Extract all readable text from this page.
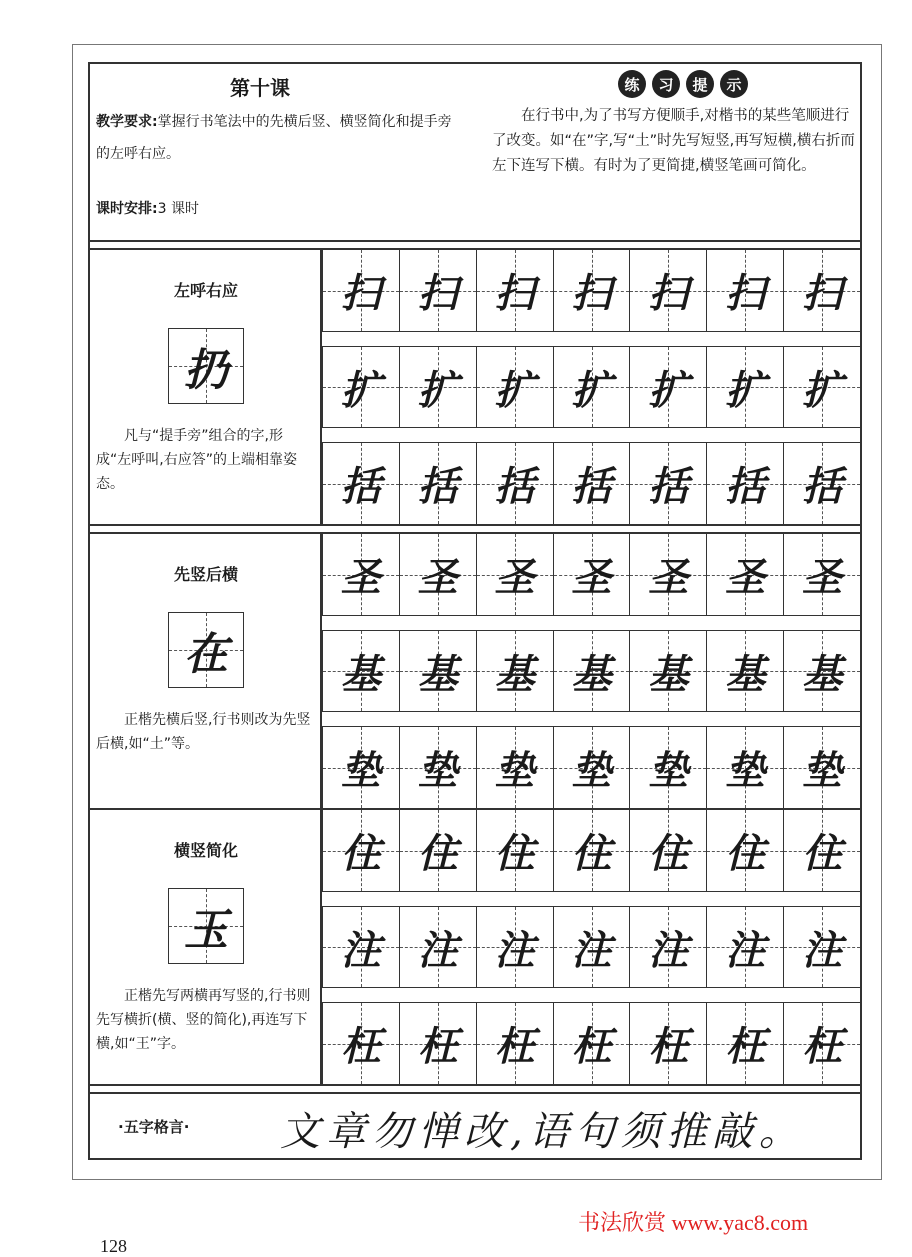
第十课
教学要求:掌握行书笔法中的先横后竖、横竖简化和提手旁的左呼右应。
课时安排:3 课时
练	习	提	示
在行书中,为了书写方便顺手,对楷书的某些笔顺进行了改变。如“在”字,写“土”时先写短竖,再写短横,横右折而左下连写下横。有时为了更简捷,横竖笔画可简化。
左呼右应
扔
凡与“提手旁”组合的字,形成“左呼叫,右应答”的上端相靠姿态。
扫 扫 扫 扫 扫 扫 扫
扩 扩 扩 扩 扩 扩 扩
括 括 括 括 括 括 括
先竖后横
在
正楷先横后竖,行书则改为先竖后横,如“土”等。
圣 圣 圣 圣 圣 圣 圣
基 基 基 基 基 基 基
垫 垫 垫 垫 垫 垫 垫
横竖简化
玉
正楷先写两横再写竖的,行书则先写横折(横、竖的简化),再连写下横,如“王”字。
住 住 住 住 住 住 住
注 注 注 注 注 注 注
枉 枉 枉 枉 枉 枉 枉
·五字格言· 文章勿惮改,语句须推敲。
书法欣赏 www.yac8.com
128
